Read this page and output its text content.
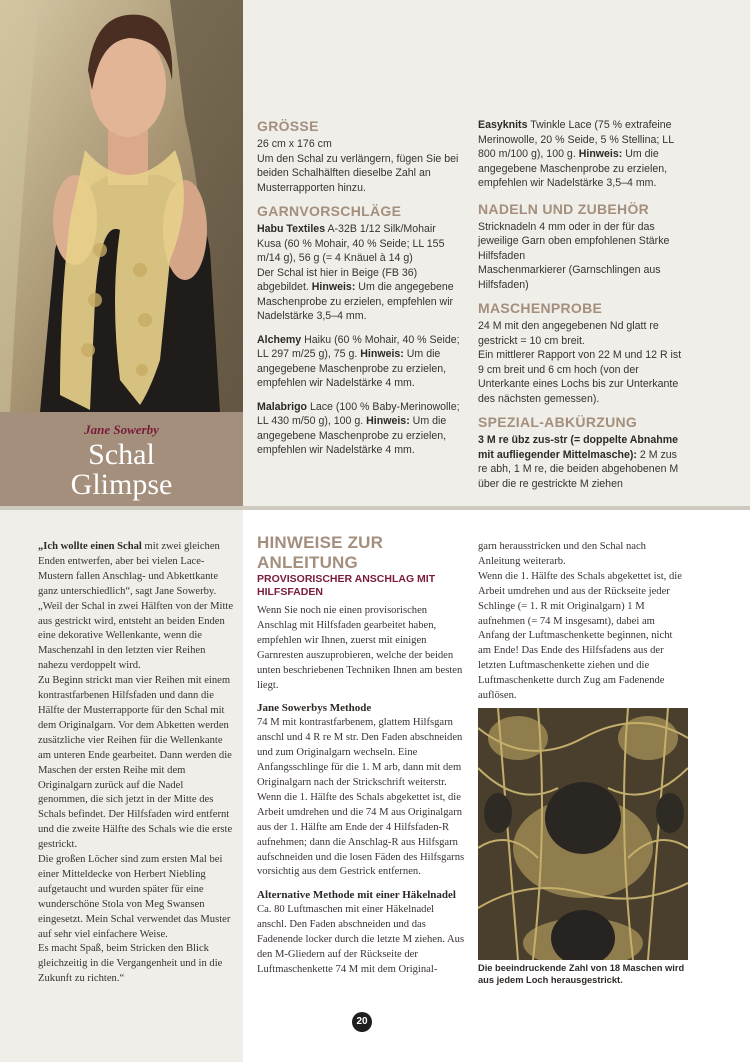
Jane Sowerby
Schal
Glimpse
GRÖSSE

26 cm x 176 cm

Um den Schal zu verlängern, fügen Sie bei beiden Schalhälften dieselbe Zahl an Musterrapporten hinzu.

GARNVORSCHLÄGE

Habu Textiles A-32B 1/12 Silk/Mohair Kusa (60 % Mohair, 40 % Seide; LL 155 m/14 g), 56 g (= 4 Knäuel à 14 g)

Der Schal ist hier in Beige (FB 36) abgebildet. Hinweis: Um die angegebene Maschenprobe zu erzielen, empfehlen wir Nadelstärke 3,5–4 mm.

Alchemy Haiku (60 % Mohair, 40 % Seide; LL 297 m/25 g), 75 g. Hinweis: Um die angegebene Maschenprobe zu erzielen, empfehlen wir Nadelstärke 4 mm.

Malabrigo Lace (100 % Baby-Merinowolle; LL 430 m/50 g), 100 g. Hinweis: Um die angegebene Maschenprobe zu erzielen, empfehlen wir Nadelstärke 4 mm.

Easyknits Twinkle Lace (75 % extrafeine Merinowolle, 20 % Seide, 5 % Stellina; LL 800 m/100 g), 100 g. Hinweis: Um die angegebene Maschenprobe zu erzielen, empfehlen wir Nadelstärke 3,5–4 mm.

NADELN UND ZUBEHÖR

Stricknadeln 4 mm oder in der für das jeweilige Garn oben empfohlenen Stärke

Hilfsfaden

Maschenmarkierer (Garnschlingen aus Hilfsfaden)

MASCHENPROBE

24 M mit den angegebenen Nd glatt re gestrickt = 10 cm breit.

Ein mittlerer Rapport von 22 M und 12 R ist 9 cm breit und 6 cm hoch (von der Unterkante eines Lochs bis zur Unterkante des nächsten gemessen).

SPEZIAL-ABKÜRZUNG

3 M re übz zus-str (= doppelte Abnahme mit aufliegender Mittelmasche): 2 M zus re abh, 1 M re, die beiden abgehobenen M über die re gestrickte M ziehen

„Ich wollte einen Schal mit zwei gleichen Enden entwerfen, aber bei vielen Lace-Mustern fallen Anschlag- und Abkettkante ganz unterschiedlich“, sagt Jane Sowerby.

„Weil der Schal in zwei Hälften von der Mitte aus gestrickt wird, entsteht an beiden Enden eine dekorative Wellenkante, wenn die Maschenzahl in den letzten vier Reihen nahezu verdoppelt wird.

Zu Beginn strickt man vier Reihen mit einem kontrastfarbenen Hilfsfaden und dann die Hälfte der Musterrapporte für den Schal mit dem Originalgarn. Vor dem Abketten werden zusätzliche vier Reihen für die Wellenkante am unteren Ende gearbeitet. Dann werden die Maschen der ersten Reihe mit dem Originalgarn zurück auf die Nadel genommen, die sich jetzt in der Mitte des Schals befindet. Der Hilfsfaden wird entfernt und die zweite Hälfte des Schals wie die erste gestrickt.

Die großen Löcher sind zum ersten Mal bei einer Mitteldecke von Herbert Niebling aufgetaucht und wurden später für eine wunderschöne Stola von Meg Swansen eingesetzt. Mein Schal verwendet das Muster auf sehr viel einfachere Weise.

Es macht Spaß, beim Stricken den Blick gleichzeitig in die Vergangenheit und in die Zukunft zu richten.“

HINWEISE ZUR ANLEITUNG
PROVISORISCHER ANSCHLAG MIT HILFSFADEN

Wenn Sie noch nie einen provisorischen Anschlag mit Hilfsfaden gearbeitet haben, empfehlen wir Ihnen, zuerst mit einigen Garnresten auszuprobieren, welche der beiden unten beschriebenen Techniken Ihnen am besten liegt.

Jane Sowerbys Methode

74 M mit kontrastfarbenem, glattem Hilfsgarn anschl und 4 R re M str. Den Faden abschneiden und zum Originalgarn wechseln. Eine Anfangsschlinge für die 1. M arb, dann mit dem Originalgarn nach der Strickschrift weiterstr.

Wenn die 1. Hälfte des Schals abgekettet ist, die Arbeit umdrehen und die 74 M aus Originalgarn aus der 1. Hälfte am Ende der 4 Hilfsfaden-R aufnehmen; dann die Anschlag-R aus Hilfsgarn aufschneiden und die losen Fäden des Hilfsgarns vorsichtig aus dem Gestrick entfernen.

Alternative Methode mit einer Häkelnadel

Ca. 80 Luftmaschen mit einer Häkelnadel anschl. Den Faden abschneiden und das Fadenende locker durch die letzte M ziehen. Aus den M-Gliedern auf der Rückseite der Luftmaschenkette 74 M mit dem Original-

garn herausstricken und den Schal nach Anleitung weiterarb.

Wenn die 1. Hälfte des Schals abgekettet ist, die Arbeit umdrehen und aus der Rückseite jeder Schlinge (= 1. R mit Originalgarn) 1 M aufnehmen (= 74 M insgesamt), dabei am Anfang der Luftmaschenkette beginnen, nicht am Ende! Das Ende des Hilfsfadens aus der letzten Luftmaschenkette ziehen und die Luftmaschenkette durch Zug am Fadenende auflösen.

Die beeindruckende Zahl von 18 Maschen wird aus jedem Loch herausgestrickt.
20
